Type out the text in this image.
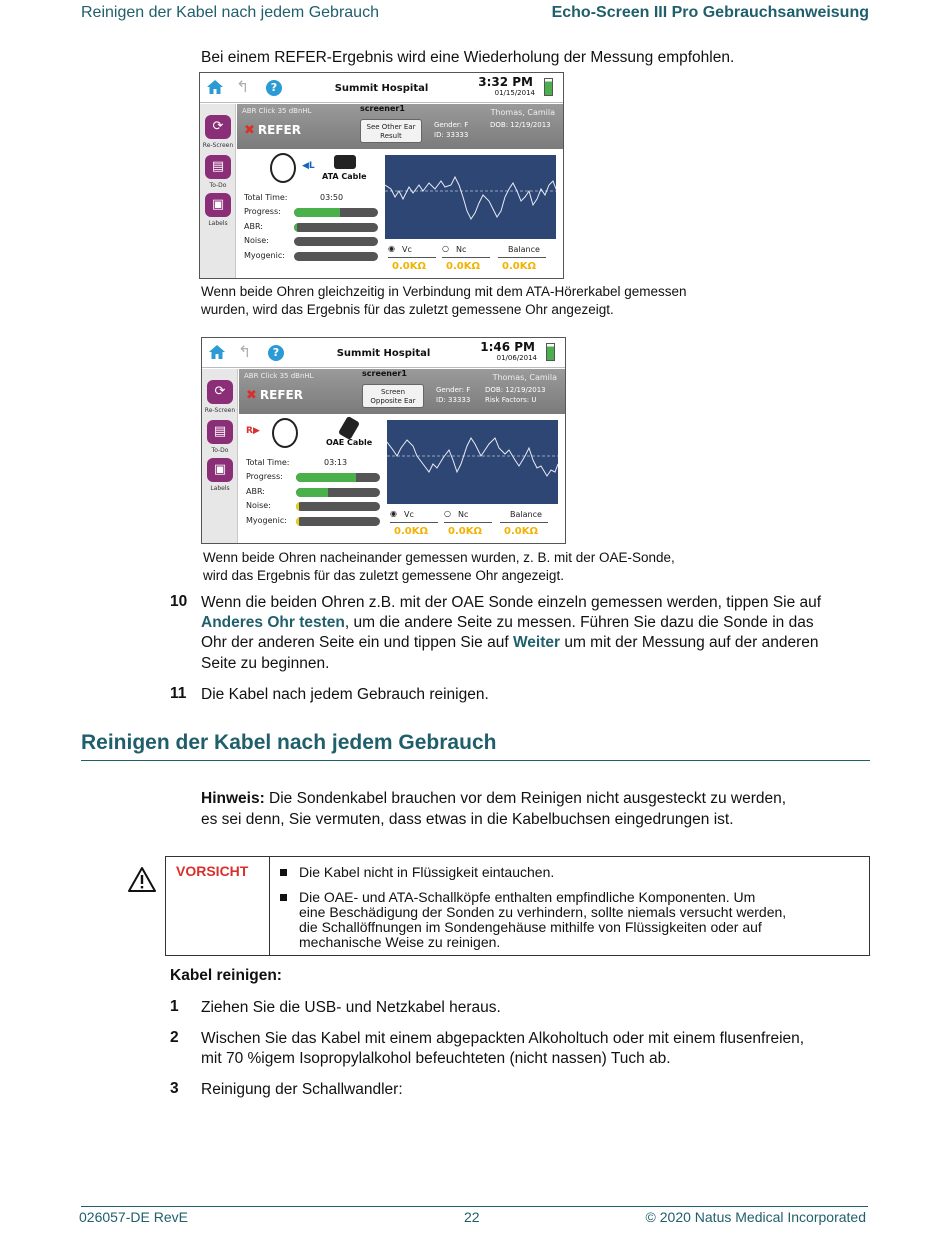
Reinigen der Kabel nach jedem Gebrauch	Echo-Screen III Pro Gebrauchsanweisung
Bei einem REFER-Ergebnis wird eine Wiederholung der Messung empfohlen.
↰	?	Summit Hospital	3:32 PM
01/15/2014
⟳
Re-Screen
▤
To-Do
▣
Labels
ABR Click 35 dBnHL	screener1
✖ REFER	See Other Ear
Result
Thomas, Camila
Gender: F
ID: 33333
DOB: 12/19/2013
◀L
ATA Cable
Total Time:	03:50
Progress:
ABR:
Noise:
Myogenic:
Vc
◉
0.0KΩ
Nc
○
0.0KΩ
Balance
0.0KΩ
Wenn beide Ohren gleichzeitig in Verbindung mit dem ATA-Hörerkabel gemessen
wurden, wird das Ergebnis für das zuletzt gemessene Ohr angezeigt.
↰	?	Summit Hospital	1:46 PM
01/06/2014
⟳
Re-Screen
▤
To-Do
▣
Labels
ABR Click 35 dBnHL	screener1
✖ REFER	Screen
Opposite Ear
Thomas, Camila
Gender: F
ID: 33333
DOB: 12/19/2013
Risk Factors: U
R▶
OAE Cable
Total Time:	03:13
Progress:
ABR:
Noise:
Myogenic:
Vc
◉
0.0KΩ
Nc
○
0.0KΩ
Balance
0.0KΩ
Wenn beide Ohren nacheinander gemessen wurden, z. B. mit der OAE-Sonde,
wird das Ergebnis für das zuletzt gemessene Ohr angezeigt.
10 Wenn die beiden Ohren z.B. mit der OAE Sonde einzeln gemessen werden, tippen Sie auf
Anderes Ohr testen, um die andere Seite zu messen. Führen Sie dazu die Sonde in das
Ohr der anderen Seite ein und tippen Sie auf Weiter um mit der Messung auf der anderen
Seite zu beginnen.
11 Die Kabel nach jedem Gebrauch reinigen.
Reinigen der Kabel nach jedem Gebrauch
Hinweis: Die Sondenkabel brauchen vor dem Reinigen nicht ausgesteckt zu werden,
es sei denn, Sie vermuten, dass etwas in die Kabelbuchsen eingedrungen ist.
VORSICHT	Die Kabel nicht in Flüssigkeit eintauchen.
Die OAE- und ATA-Schallköpfe enthalten empfindliche Komponenten. Um
eine Beschädigung der Sonden zu verhindern, sollte niemals versucht werden,
die Schallöffnungen im Sondengehäuse mithilfe von Flüssigkeiten oder auf
mechanische Weise zu reinigen.
Kabel reinigen:
1 Ziehen Sie die USB- und Netzkabel heraus.
2 Wischen Sie das Kabel mit einem abgepackten Alkoholtuch oder mit einem flusenfreien,
mit 70 %igem Isopropylalkohol befeuchteten (nicht nassen) Tuch ab.
3 Reinigung der Schallwandler:
026057-DE RevE	22	© 2020 Natus Medical Incorporated
